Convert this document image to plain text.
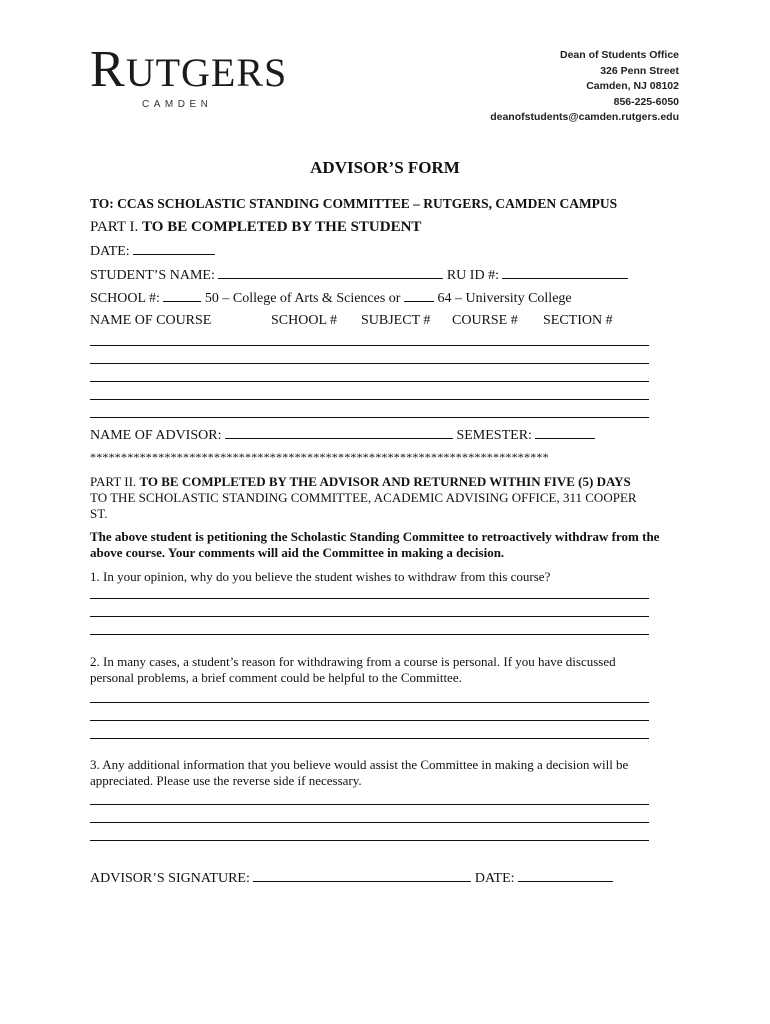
RUTGERS
CAMDEN
Dean of Students Office
326 Penn Street
Camden, NJ 08102
856-225-6050
deanofstudents@camden.rutgers.edu
ADVISOR’S FORM
TO: CCAS SCHOLASTIC STANDING COMMITTEE – RUTGERS, CAMDEN CAMPUS
PART I. TO BE COMPLETED BY THE STUDENT
DATE:
STUDENT’S NAME:	RU ID #:
SCHOOL #:	50 – College of Arts & Sciences or	64 – University College
NAME OF COURSE	SCHOOL # SUBJECT # COURSE # SECTION #
NAME OF ADVISOR:	SEMESTER:
**************************************************************************
PART II. TO BE COMPLETED BY THE ADVISOR AND RETURNED WITHIN FIVE (5) DAYS TO THE SCHOLASTIC STANDING COMMITTEE, ACADEMIC ADVISING OFFICE, 311 COOPER ST.
The above student is petitioning the Scholastic Standing Committee to retroactively withdraw from the above course. Your comments will aid the Committee in making a decision.
1. In your opinion, why do you believe the student wishes to withdraw from this course?
2. In many cases, a student’s reason for withdrawing from a course is personal. If you have discussed personal problems, a brief comment could be helpful to the Committee.
3. Any additional information that you believe would assist the Committee in making a decision will be appreciated. Please use the reverse side if necessary.
ADVISOR’S SIGNATURE:	DATE:
